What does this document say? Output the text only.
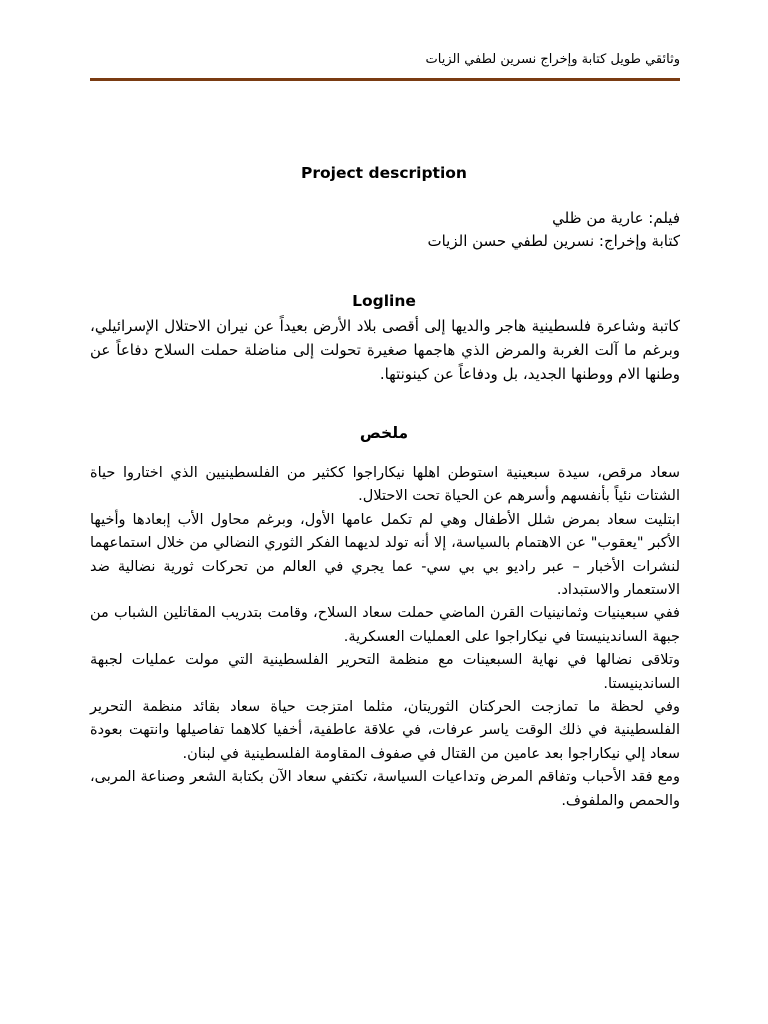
وثائقي طويل كتابة وإخراج نسرين لطفي الزيات
Project description
فيلم: عارية من ظلي
كتابة وإخراج: نسرين لطفي حسن الزيات
Logline
كاتبة وشاعرة فلسطينية هاجر والديها إلى أقصى بلاد الأرض بعيداً عن نيران الاحتلال الإسرائيلي، وبرغم ما آلت الغربة والمرض الذي هاجمها صغيرة تحولت إلى مناضلة حملت السلاح دفاعاً عن وطنها الام ووطنها الجديد، بل ودفاعاً عن كينونتها.
ملخص

سعاد مرقص، سيدة سبعينية استوطن اهلها نيكاراجوا ككثير من الفلسطينيين الذي اختاروا حياة الشتات نئياً بأنفسهم وأسرهم عن الحياة تحت الاحتلال.

ابتليت سعاد بمرض شلل الأطفال وهي لم تكمل عامها الأول، وبرغم محاول الأب إبعادها وأخيها الأكبر "يعقوب" عن الاهتمام بالسياسة، إلا أنه تولد لديهما الفكر الثوري النضالي من خلال استماعهما لنشرات الأخبار – عبر راديو بي بي سي- عما يجري في العالم من تحركات ثورية نضالية ضد الاستعمار والاستبداد.

ففي سبعينيات وثمانينيات القرن الماضي حملت سعاد السلاح، وقامت بتدريب المقاتلين الشباب من جبهة الساندينيستا في نيكاراجوا على العمليات العسكرية.

وتلاقى نضالها في نهاية السبعينات مع منظمة التحرير الفلسطينية التي مولت عمليات لجبهة الساندينيستا.

وفي لحظة ما تمازجت الحركتان الثوريتان، مثلما امتزجت حياة سعاد بقائد منظمة التحرير الفلسطينية في ذلك الوقت ياسر عرفات، في علاقة عاطفية، أخفيا كلاهما تفاصيلها وانتهت بعودة سعاد إلي نيكاراجوا بعد عامين من القتال في صفوف المقاومة الفلسطينية في لبنان.

ومع فقد الأحباب وتفاقم المرض وتداعيات السياسة، تكتفي سعاد الآن بكتابة الشعر وصناعة المربى، والحمص والملفوف.
